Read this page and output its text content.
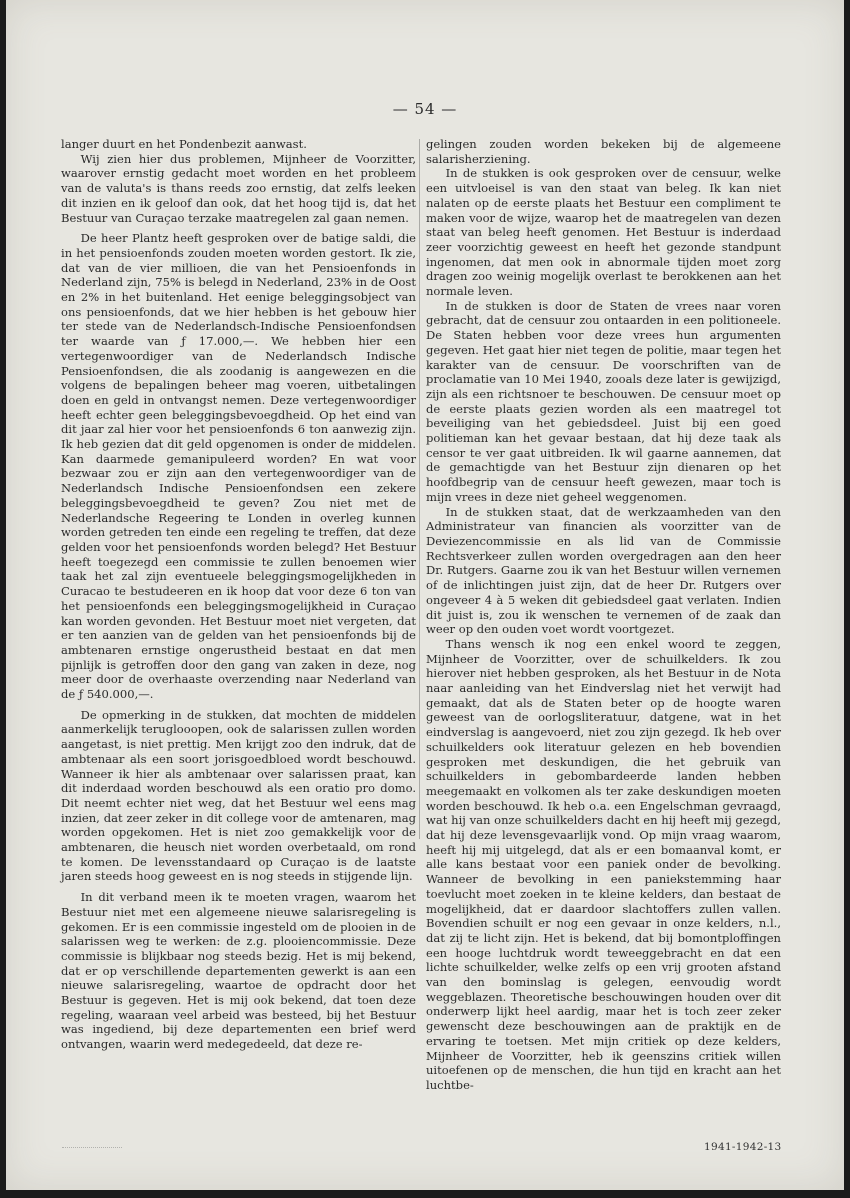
— 54 —

langer duurt en het Pondenbezit aanwast.

Wij zien hier dus problemen, Mijnheer de Voorzitter, waarover ernstig gedacht moet worden en het probleem van de valuta's is thans reeds zoo ernstig, dat zelfs leeken dit inzien en ik geloof dan ook, dat het hoog tijd is, dat het Bestuur van Curaçao terzake maatregelen zal gaan nemen.

De heer Plantz heeft gesproken over de batige saldi, die in het pensioenfonds zouden moeten worden gestort. Ik zie, dat van de vier millioen, die van het Pensioenfonds in Nederland zijn, 75% is belegd in Nederland, 23% in de Oost en 2% in het buitenland. Het eenige beleggingsobject van ons pensioenfonds, dat we hier hebben is het gebouw hier ter stede van de Nederlandsch-Indische Pensioenfondsen ter waarde van ƒ 17.000,—. We hebben hier een vertegenwoordiger van de Nederlandsch Indische Pensioenfondsen, die als zoodanig is aangewezen en die volgens de bepalingen beheer mag voeren, uitbetalingen doen en geld in ontvangst nemen. Deze vertegenwoordiger heeft echter geen beleggingsbevoegdheid. Op het eind van dit jaar zal hier voor het pensioenfonds 6 ton aanwezig zijn. Ik heb gezien dat dit geld opgenomen is onder de middelen. Kan daarmede gemanipuleerd worden? En wat voor bezwaar zou er zijn aan den vertegenwoordiger van de Nederlandsch Indische Pensioenfondsen een zekere beleggingsbevoegdheid te geven? Zou niet met de Nederlandsche Regeering te Londen in overleg kunnen worden getreden ten einde een regeling te treffen, dat deze gelden voor het pensioenfonds worden belegd? Het Bestuur heeft toegezegd een commissie te zullen benoemen wier taak het zal zijn eventueele beleggingsmogelijkheden in Curacao te bestudeeren en ik hoop dat voor deze 6 ton van het pensioenfonds een beleggingsmogelijkheid in Curaçao kan worden gevonden. Het Bestuur moet niet vergeten, dat er ten aanzien van de gelden van het pensioenfonds bij de ambtenaren ernstige ongerustheid bestaat en dat men pijnlijk is getroffen door den gang van zaken in deze, nog meer door de overhaaste overzending naar Nederland van de ƒ 540.000,—.

De opmerking in de stukken, dat mochten de middelen aanmerkelijk teruglooopen, ook de salarissen zullen worden aangetast, is niet prettig. Men krijgt zoo den indruk, dat de ambtenaar als een soort jorisgoedbloed wordt beschouwd. Wanneer ik hier als ambtenaar over salarissen praat, kan dit inderdaad worden beschouwd als een oratio pro domo. Dit neemt echter niet weg, dat het Bestuur wel eens mag inzien, dat zeer zeker in dit college voor de amtenaren, mag worden opgekomen. Het is niet zoo gemakkelijk voor de ambtenaren, die heusch niet worden overbetaald, om rond te komen. De levensstandaard op Curaçao is de laatste jaren steeds hoog geweest en is nog steeds in stijgende lijn.

In dit verband meen ik te moeten vragen, waarom het Bestuur niet met een algemeene nieuwe salarisregeling is gekomen. Er is een commissie ingesteld om de plooien in de salarissen weg te werken: de z.g. plooiencommissie. Deze commissie is blijkbaar nog steeds bezig. Het is mij bekend, dat er op verschillende departementen gewerkt is aan een nieuwe salarisregeling, waartoe de opdracht door het Bestuur is gegeven. Het is mij ook bekend, dat toen deze regeling, waaraan veel arbeid was besteed, bij het Bestuur was ingediend, bij deze departementen een brief werd ontvangen, waarin werd medegedeeld, dat deze re-

gelingen zouden worden bekeken bij de algemeene salarisherziening.

In de stukken is ook gesproken over de censuur, welke een uitvloeisel is van den staat van beleg. Ik kan niet nalaten op de eerste plaats het Bestuur een compliment te maken voor de wijze, waarop het de maatregelen van dezen staat van beleg heeft genomen. Het Bestuur is inderdaad zeer voorzichtig geweest en heeft het gezonde standpunt ingenomen, dat men ook in abnormale tijden moet zorg dragen zoo weinig mogelijk overlast te berokkenen aan het normale leven.

In de stukken is door de Staten de vrees naar voren gebracht, dat de censuur zou ontaarden in een politioneele. De Staten hebben voor deze vrees hun argumenten gegeven. Het gaat hier niet tegen de politie, maar tegen het karakter van de censuur. De voorschriften van de proclamatie van 10 Mei 1940, zooals deze later is gewijzigd, zijn als een richtsnoer te beschouwen. De censuur moet op de eerste plaats gezien worden als een maatregel tot beveiliging van het gebiedsdeel. Juist bij een goed politieman kan het gevaar bestaan, dat hij deze taak als censor te ver gaat uitbreiden. Ik wil gaarne aannemen, dat de gemachtigde van het Bestuur zijn dienaren op het hoofdbegrip van de censuur heeft gewezen, maar toch is mijn vrees in deze niet geheel weggenomen.

In de stukken staat, dat de werkzaamheden van den Administrateur van financien als voorzitter van de Deviezencommissie en als lid van de Commissie Rechtsverkeer zullen worden overgedragen aan den heer Dr. Rutgers. Gaarne zou ik van het Bestuur willen vernemen of de inlichtingen juist zijn, dat de heer Dr. Rutgers over ongeveer 4 à 5 weken dit gebiedsdeel gaat verlaten. Indien dit juist is, zou ik wenschen te vernemen of de zaak dan weer op den ouden voet wordt voortgezet.

Thans wensch ik nog een enkel woord te zeggen, Mijnheer de Voorzitter, over de schuilkelders. Ik zou hierover niet hebben gesproken, als het Bestuur in de Nota naar aanleiding van het Eindverslag niet het verwijt had gemaakt, dat als de Staten beter op de hoogte waren geweest van de oorlogsliteratuur, datgene, wat in het eindverslag is aangevoerd, niet zou zijn gezegd. Ik heb over schuilkelders ook literatuur gelezen en heb bovendien gesproken met deskundigen, die het gebruik van schuilkelders in gebombardeerde landen hebben meegemaakt en volkomen als ter zake deskundigen moeten worden beschouwd. Ik heb o.a. een Engelschman gevraagd, wat hij van onze schuilkelders dacht en hij heeft mij gezegd, dat hij deze levensgevaarlijk vond. Op mijn vraag waarom, heeft hij mij uitgelegd, dat als er een bomaanval komt, er alle kans bestaat voor een paniek onder de bevolking. Wanneer de bevolking in een paniekstemming haar toevlucht moet zoeken in te kleine kelders, dan bestaat de mogelijkheid, dat er daardoor slachtoffers zullen vallen. Bovendien schuilt er nog een gevaar in onze kelders, n.l., dat zij te licht zijn. Het is bekend, dat bij bomontploffingen een hooge luchtdruk wordt teweeggebracht en dat een lichte schuilkelder, welke zelfs op een vrij grooten afstand van den bominslag is gelegen, eenvoudig wordt weggeblazen. Theoretische beschouwingen houden over dit onderwerp lijkt heel aardig, maar het is toch zeer zeker gewenscht deze beschouwingen aan de praktijk en de ervaring te toetsen. Met mijn critiek op deze kelders, Mijnheer de Voorzitter, heb ik geenszins critiek willen uitoefenen op de menschen, die hun tijd en kracht aan het luchtbe-

1941-1942-13
